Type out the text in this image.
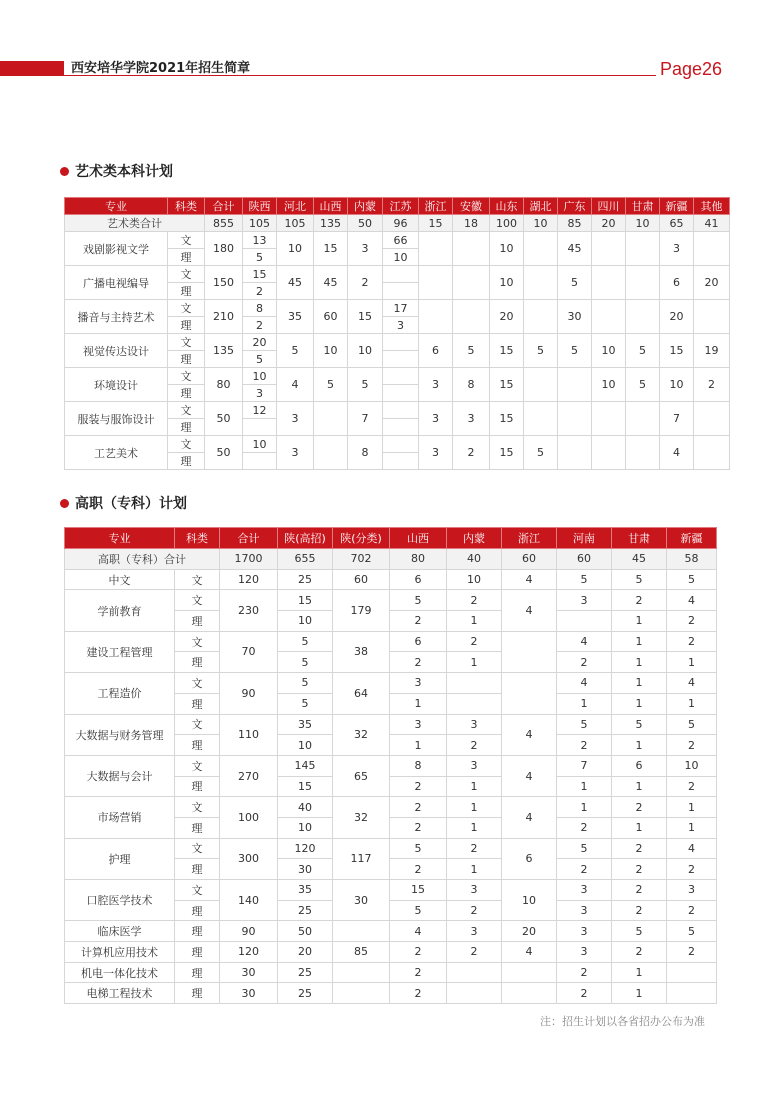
西安培华学院2021年招生简章	Page26
艺术类本科计划
专业	科类	合计	陕西	河北	山西	内蒙	江苏	浙江	安徽	山东	湖北	广东	四川	甘肃	新疆	其他
艺术类合计		855	105	105	135	50	96	15	18	100	10	85	20	10	65	41
戏剧影视文学	文	180	13	10	15	3	66			10		45			3	
	理		5				10									
广播电视编导	文	150	15	45	45	2				10		5			6	20
	理		2													
播音与主持艺术	文	210	8	35	60	15	17			20		30			20	
	理		2				3									
视觉传达设计	文	135	20	5	10	10		6	5	15	5	5	10	5	15	19
	理		5													
环境设计	文	80	10	4	5	5		3	8	15			10	5	10	2
	理		3													
服装与服饰设计	文	50	12	3		7		3	3	15					7	
	理															
工艺美术	文	50	10	3		8		3	2	15	5				4	
	理															
高职（专科）计划
专业	科类	合计	陕(高招)	陕(分类)	山西	内蒙	浙江	河南	甘肃	新疆
高职（专科）合计		1700	655	702	80	40	60	60	45	58
中文	文	120	25	60	6	10	4	5	5	5
学前教育	文	230	15	179	5	2	4	3	2	4
	理		10		2	1			1	2
建设工程管理	文	70	5	38	6	2		4	1	2
	理		5		2	1		2	1	1
工程造价	文	90	5	64	3			4	1	4
	理		5		1			1	1	1
大数据与财务管理	文	110	35	32	3	3	4	5	5	5
	理		10		1	2		2	1	2
大数据与会计	文	270	145	65	8	3	4	7	6	10
	理		15		2	1		1	1	2
市场营销	文	100	40	32	2	1	4	1	2	1
	理		10		2	1		2	1	1
护理	文	300	120	117	5	2	6	5	2	4
	理		30		2	1		2	2	2
口腔医学技术	文	140	35	30	15	3	10	3	2	3
	理		25		5	2		3	2	2
临床医学	理	90	50		4	3	20	3	5	5
计算机应用技术	理	120	20	85	2	2	4	3	2	2
机电一体化技术	理	30	25		2			2	1	
电梯工程技术	理	30	25		2			2	1	
注：招生计划以各省招办公布为准
